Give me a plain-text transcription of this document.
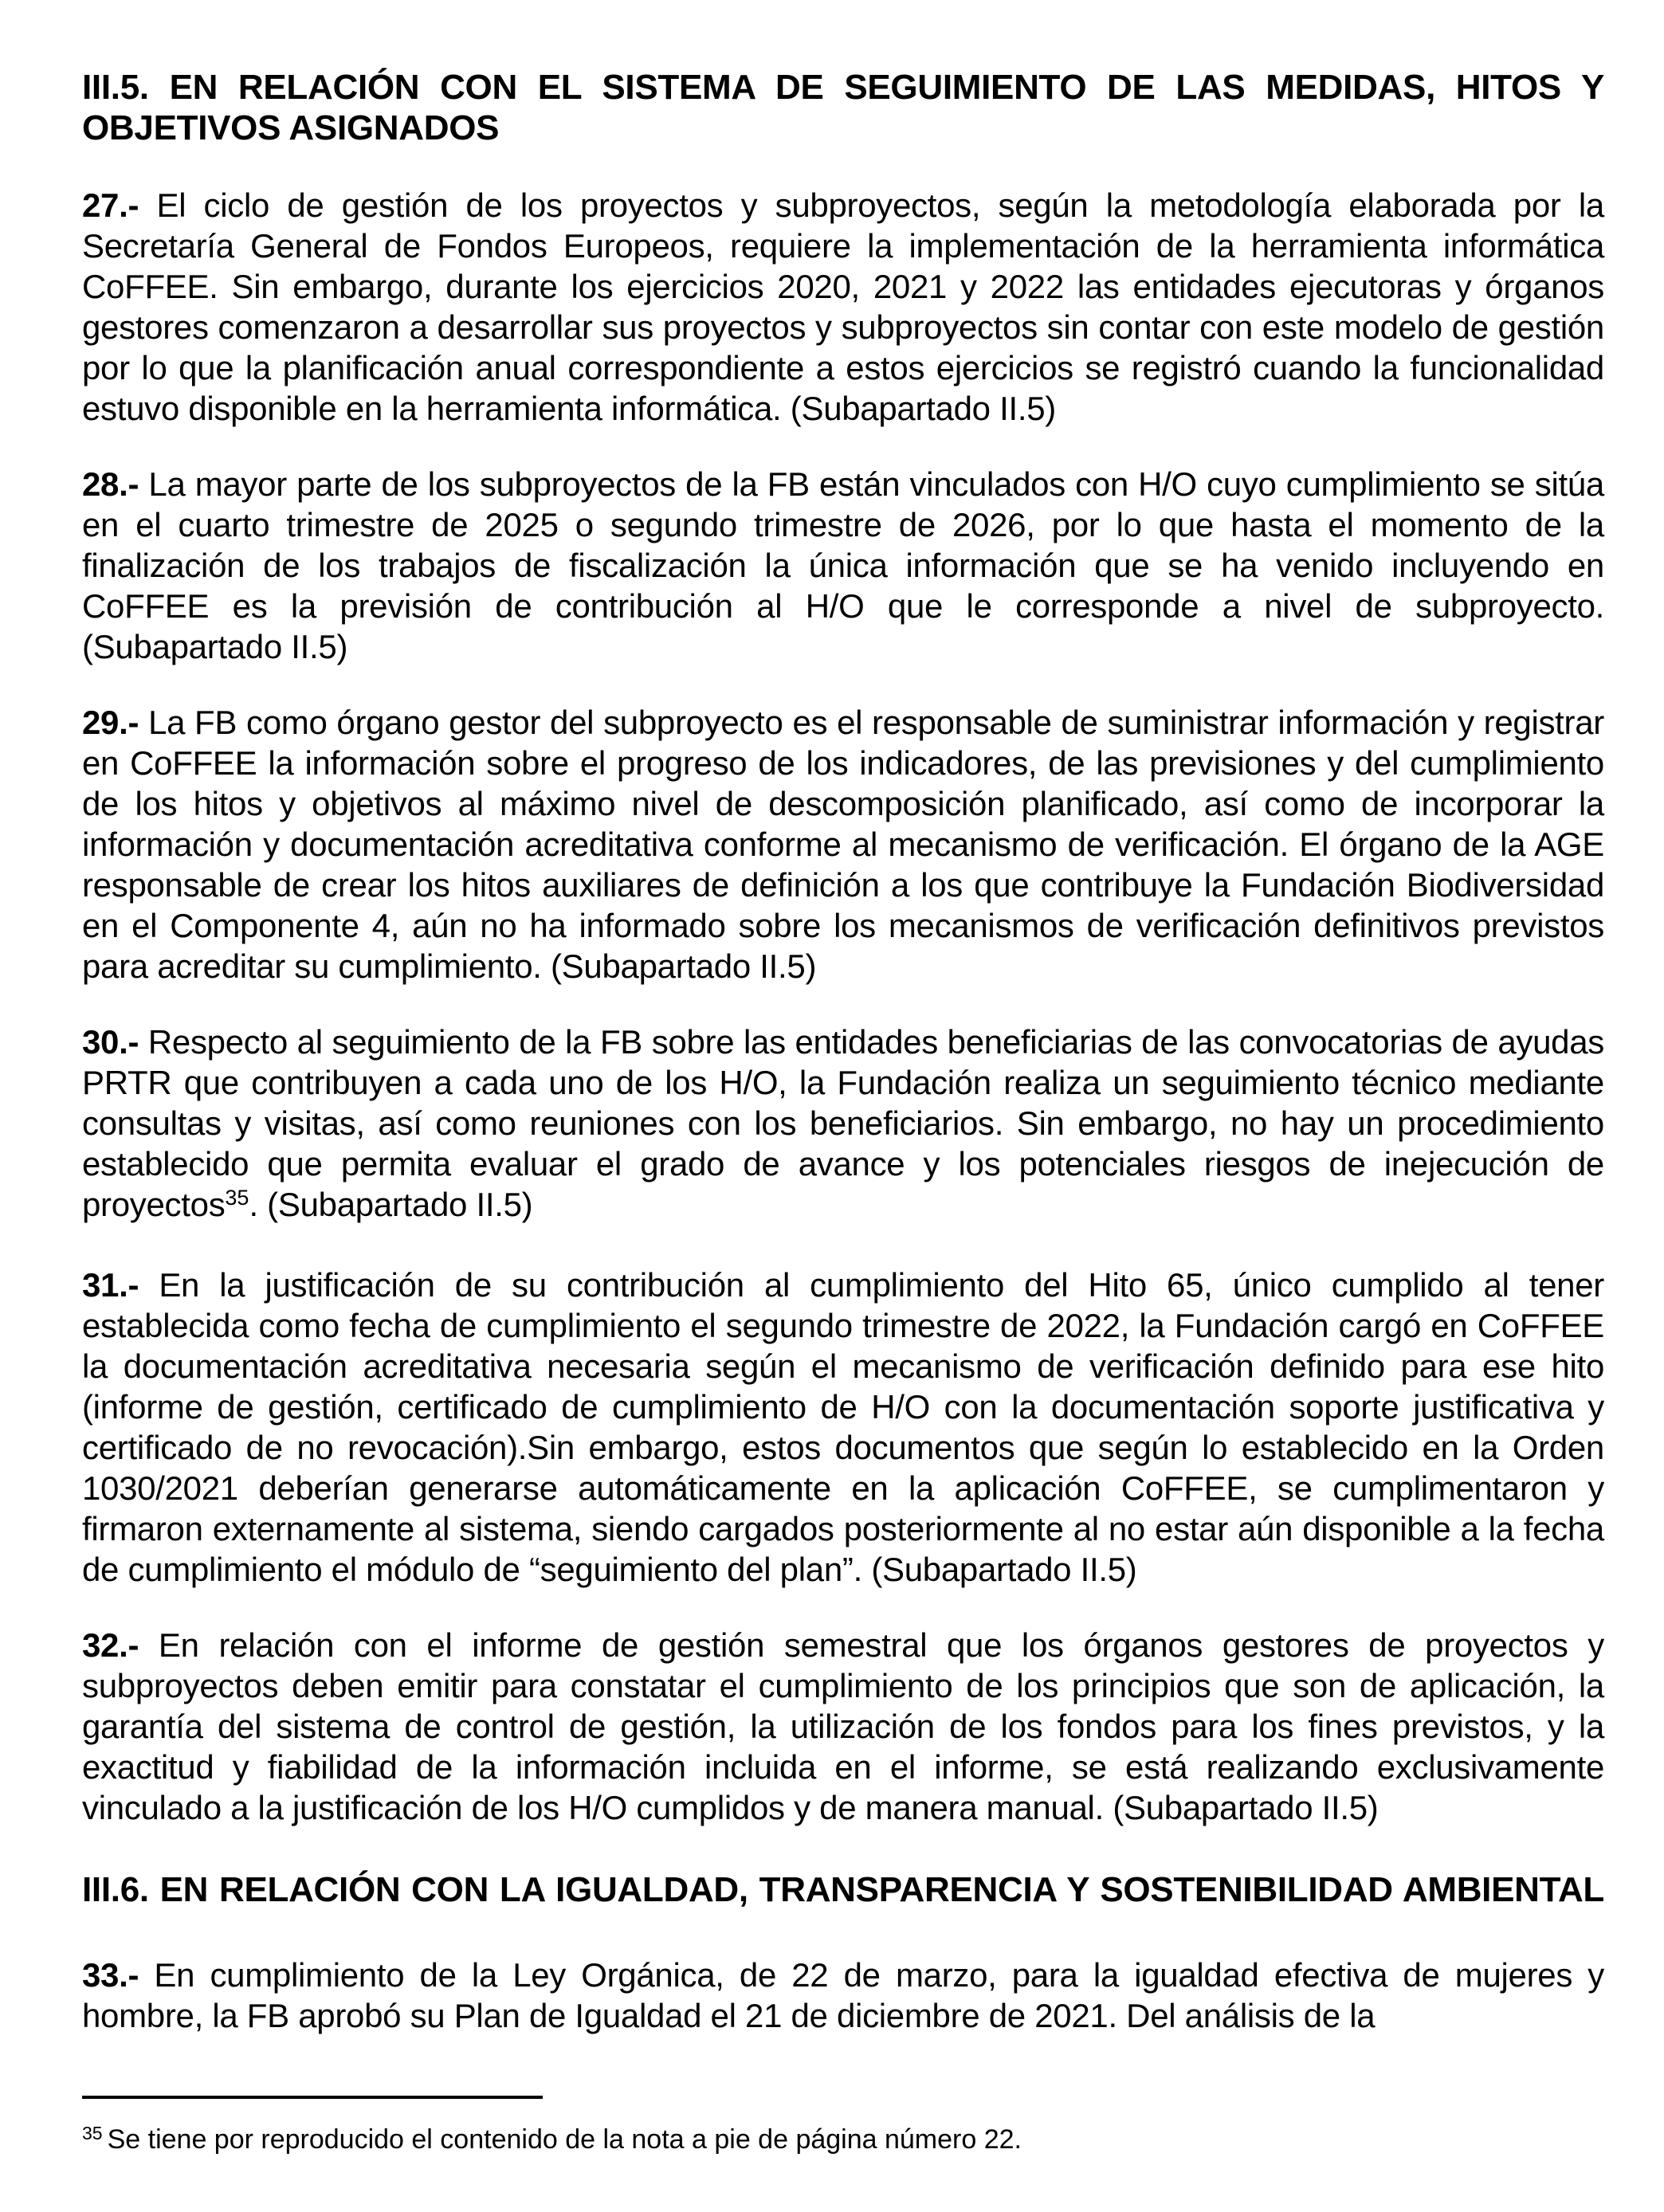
III.5. EN RELACIÓN CON EL SISTEMA DE SEGUIMIENTO DE LAS MEDIDAS, HITOS Y
OBJETIVOS ASIGNADOS

27.- El ciclo de gestión de los proyectos y subproyectos, según la metodología elaborada por la Secretaría General de Fondos Europeos, requiere la implementación de la herramienta informática CoFFEE. Sin embargo, durante los ejercicios 2020, 2021 y 2022 las entidades ejecutoras y órganos gestores comenzaron a desarrollar sus proyectos y subproyectos sin contar con este modelo de gestión por lo que la planificación anual correspondiente a estos ejercicios se registró cuando la funcionalidad estuvo disponible en la herramienta informática. (Subapartado II.5)

28.- La mayor parte de los subproyectos de la FB están vinculados con H/O cuyo cumplimiento se sitúa en el cuarto trimestre de 2025 o segundo trimestre de 2026, por lo que hasta el momento de la finalización de los trabajos de fiscalización la única información que se ha venido incluyendo en CoFFEE es la previsión de contribución al H/O que le corresponde a nivel de subproyecto. (Subapartado II.5)

29.- La FB como órgano gestor del subproyecto es el responsable de suministrar información y registrar en CoFFEE la información sobre el progreso de los indicadores, de las previsiones y del cumplimiento de los hitos y objetivos al máximo nivel de descomposición planificado, así como de incorporar la información y documentación acreditativa conforme al mecanismo de verificación. El órgano de la AGE responsable de crear los hitos auxiliares de definición a los que contribuye la Fundación Biodiversidad en el Componente 4, aún no ha informado sobre los mecanismos de verificación definitivos previstos para acreditar su cumplimiento. (Subapartado II.5)

30.- Respecto al seguimiento de la FB sobre las entidades beneficiarias de las convocatorias de ayudas PRTR que contribuyen a cada uno de los H/O, la Fundación realiza un seguimiento técnico mediante consultas y visitas, así como reuniones con los beneficiarios. Sin embargo, no hay un procedimiento establecido que permita evaluar el grado de avance y los potenciales riesgos de inejecución de proyectos$^{35}$. (Subapartado II.5)

31.- En la justificación de su contribución al cumplimiento del Hito 65, único cumplido al tener establecida como fecha de cumplimiento el segundo trimestre de 2022, la Fundación cargó en CoFFEE la documentación acreditativa necesaria según el mecanismo de verificación definido para ese hito (informe de gestión, certificado de cumplimiento de H/O con la documentación soporte justificativa y certificado de no revocación).Sin embargo, estos documentos que según lo establecido en la Orden 1030/2021 deberían generarse automáticamente en la aplicación CoFFEE, se cumplimentaron y firmaron externamente al sistema, siendo cargados posteriormente al no estar aún disponible a la fecha de cumplimiento el módulo de “seguimiento del plan”. (Subapartado II.5)

32.- En relación con el informe de gestión semestral que los órganos gestores de proyectos y subproyectos deben emitir para constatar el cumplimiento de los principios que son de aplicación, la garantía del sistema de control de gestión, la utilización de los fondos para los fines previstos, y la exactitud y fiabilidad de la información incluida en el informe, se está realizando exclusivamente vinculado a la justificación de los H/O cumplidos y de manera manual. (Subapartado II.5)

III.6. EN RELACIÓN CON LA IGUALDAD, TRANSPARENCIA Y SOSTENIBILIDAD AMBIENTAL

33.- En cumplimiento de la Ley Orgánica, de 22 de marzo, para la igualdad efectiva de mujeres y hombre, la FB aprobó su Plan de Igualdad el 21 de diciembre de 2021. Del análisis de la

$^{35}$ Se tiene por reproducido el contenido de la nota a pie de página número 22.
